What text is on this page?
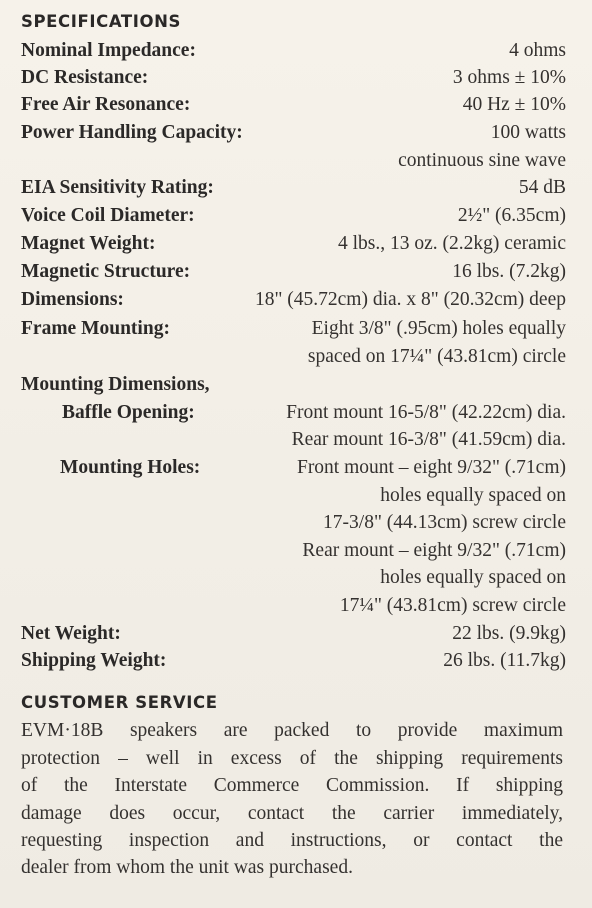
SPECIFICATIONS
Nominal Impedance:	4 ohms
DC Resistance:	3 ohms ± 10%
Free Air Resonance:	40 Hz ± 10%
Power Handling Capacity:	100 watts
continuous sine wave
EIA Sensitivity Rating:	54 dB
Voice Coil Diameter:	2½" (6.35cm)
Magnet Weight:	4 lbs., 13 oz. (2.2kg) ceramic
Magnetic Structure:	16 lbs. (7.2kg)
Dimensions:	18" (45.72cm) dia. x 8" (20.32cm) deep
Frame Mounting:	Eight 3/8" (.95cm) holes equally
spaced on 17¼" (43.81cm) circle
Mounting Dimensions,
Baffle Opening:	Front mount 16-5/8" (42.22cm) dia.
Rear mount 16-3/8" (41.59cm) dia.
Mounting Holes:	Front mount – eight 9/32" (.71cm)
holes equally spaced on
17-3/8" (44.13cm) screw circle
Rear mount – eight 9/32" (.71cm)
holes equally spaced on
17¼" (43.81cm) screw circle
Net Weight:	22 lbs. (9.9kg)
Shipping Weight:	26 lbs. (11.7kg)
CUSTOMER SERVICE
EVM·18B speakers are packed to provide maximum
protection – well in excess of the shipping requirements
of the Interstate Commerce Commission. If shipping
damage does occur, contact the carrier immediately,
requesting inspection and instructions, or contact the
dealer from whom the unit was purchased.
